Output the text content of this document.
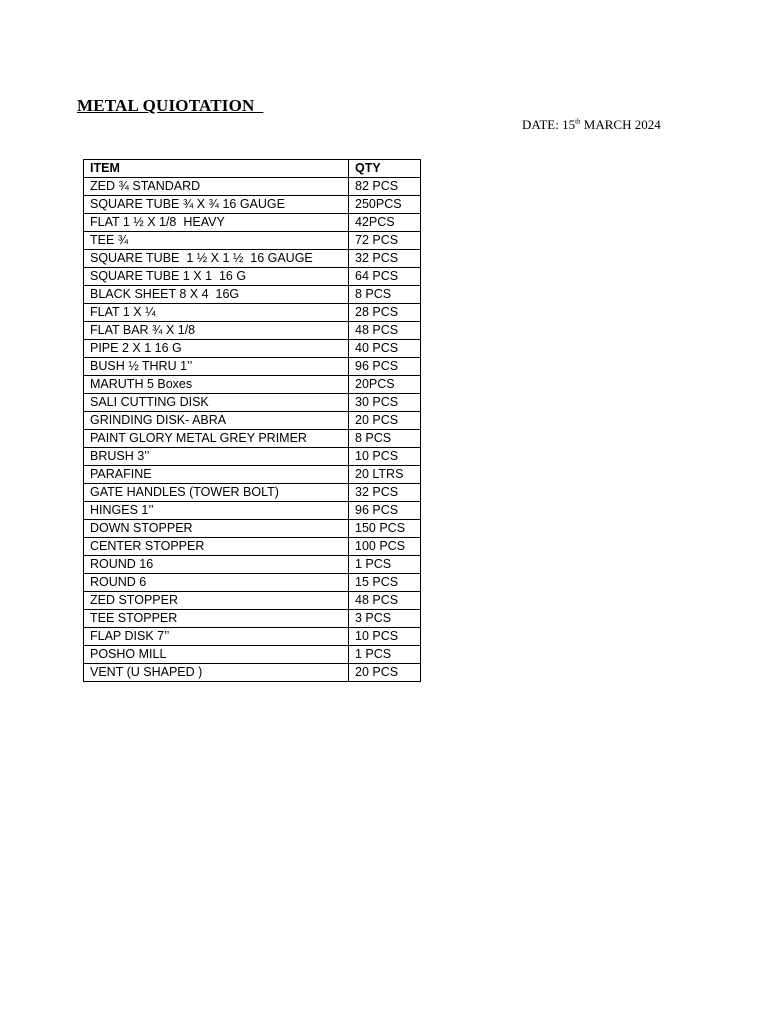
METAL QUIOTATION
DATE: 15th MARCH 2024
ITEM	QTY
ZED ¾ STANDARD	82 PCS
SQUARE TUBE ¾ X ¾ 16 GAUGE	250PCS
FLAT 1 ½ X 1/8  HEAVY	42PCS
TEE ¾	72 PCS
SQUARE TUBE  1 ½ X 1 ½  16 GAUGE	32 PCS
SQUARE TUBE 1 X 1  16 G	64 PCS
BLACK SHEET 8 X 4  16G	8 PCS
FLAT 1 X ¼	28 PCS
FLAT BAR ¾ X 1/8	48 PCS
PIPE 2 X 1 16 G	40 PCS
BUSH ½ THRU 1’’	96 PCS
MARUTH 5 Boxes	20PCS
SALI CUTTING DISK	30 PCS
GRINDING DISK- ABRA	20 PCS
PAINT GLORY METAL GREY PRIMER	8 PCS
BRUSH 3’’	10 PCS
PARAFINE	20 LTRS
GATE HANDLES (TOWER BOLT)	32 PCS
HINGES 1’’	96 PCS
DOWN STOPPER	150 PCS
CENTER STOPPER	100 PCS
ROUND 16	1 PCS
ROUND 6	15 PCS
ZED STOPPER	48 PCS
TEE STOPPER	3 PCS
FLAP DISK 7’’	10 PCS
POSHO MILL	1 PCS
VENT (U SHAPED )	20 PCS
